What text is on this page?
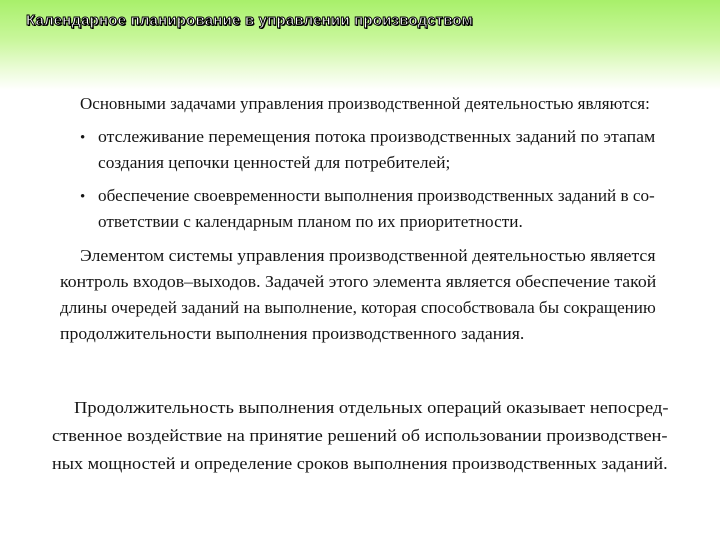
Календарное планирование в управлении производством
Основными задачами управления производственной деятельностью являются:
• отслеживание перемещения потока производственных заданий по этапам
создания цепочки ценностей для потребителей;
• обеспечение своевременности выполнения производственных заданий в со-
ответствии с календарным планом по их приоритетности.
Элементом системы управления производственной деятельностью является
контроль входов–выходов. Задачей этого элемента является обеспечение такой
длины очередей заданий на выполнение, которая способствовала бы сокращению
продолжительности выполнения производственного задания.
Продолжительность выполнения отдельных операций оказывает непосред-
ственное воздействие на принятие решений об использовании производствен-
ных мощностей и определение сроков выполнения производственных заданий.
